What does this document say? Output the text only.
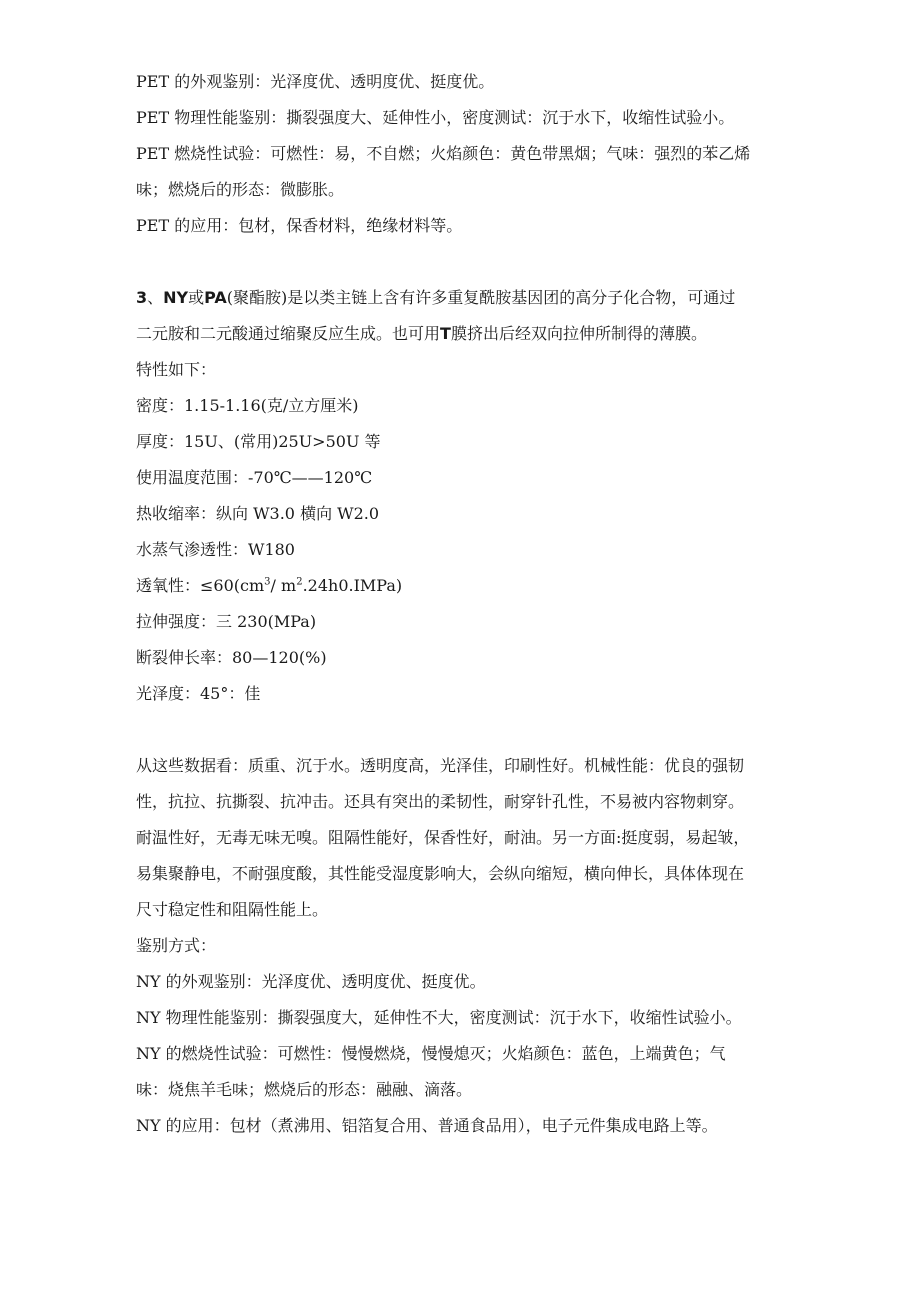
PET 的外观鉴别：光泽度优、透明度优、挺度优。

PET 物理性能鉴别：撕裂强度大、延伸性小，密度测试：沉于水下，收缩性试验小。

PET 燃烧性试验：可燃性：易，不自燃；火焰颜色：黄色带黑烟；气味：强烈的苯乙烯

味；燃烧后的形态：微膨胀。

PET 的应用：包材，保香材料，绝缘材料等。

3、NY或PA(聚酯胺)是以类主链上含有许多重复酰胺基因团的高分子化合物，可通过

二元胺和二元酸通过缩聚反应生成。也可用T膜挤出后经双向拉伸所制得的薄膜。

特性如下：

密度：1.15-1.16(克/立方厘米)

厚度：15U、(常用)25U>50U 等

使用温度范围：-70℃——120℃

热收缩率：纵向 W3.0 横向 W2.0

水蒸气渗透性：W180

透氧性：$\le 60(cm^3/$ $m^2.24h0.IMPa$)

拉伸强度：三 230(MPa)

断裂伸长率：80—120(%)

光泽度：45°：佳

从这些数据看：质重、沉于水。透明度高，光泽佳，印刷性好。机械性能：优良的强韧

性，抗拉、抗撕裂、抗冲击。还具有突出的柔韧性，耐穿针孔性，不易被内容物刺穿。

耐温性好，无毒无味无嗅。阻隔性能好，保香性好，耐油。另一方面:挺度弱，易起皱，

易集聚静电，不耐强度酸，其性能受湿度影响大，会纵向缩短，横向伸长，具体体现在

尺寸稳定性和阻隔性能上。

鉴别方式：

NY 的外观鉴别：光泽度优、透明度优、挺度优。

NY 物理性能鉴别：撕裂强度大，延伸性不大，密度测试：沉于水下，收缩性试验小。

NY 的燃烧性试验：可燃性：慢慢燃烧，慢慢熄灭；火焰颜色：蓝色，上端黄色；气

味：烧焦羊毛味；燃烧后的形态：融融、滴落。

NY 的应用：包材（煮沸用、铝箔复合用、普通食品用），电子元件集成电路上等。
